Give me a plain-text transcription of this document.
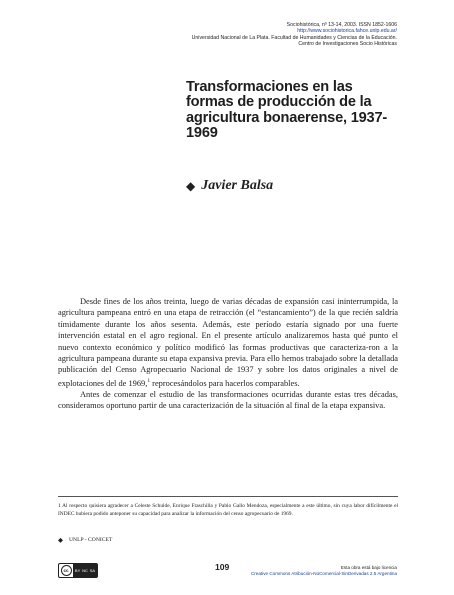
Sociohistórica, nº 13-14, 2003. ISSN 1852-1606
http://www.sociohistorica.fahce.unlp.edu.ar/
Universidad Nacional de La Plata. Facultad de Humanidades y Ciencias de la Educación.
Centro de Investigaciones Socio Históricas
Transformaciones en las formas de producción de la agricultura bonaerense, 1937-1969
◆ Javier Balsa

Desde fines de los años treinta, luego de varias décadas de expansión casi ininterrumpida, la agricultura pampeana entró en una etapa de retracción (el “estancamiento”) de la que recién saldría tímidamente durante los años sesenta. Además, este período estaría signado por una fuerte intervención estatal en el agro regional. En el presente artículo analizaremos hasta qué punto el nuevo contexto económico y político modificó las formas productivas que caracteriza-ron a la agricultura pampeana durante su etapa expansiva previa. Para ello hemos trabajado sobre la detallada publicación del Censo Agropecuario Nacional de 1937 y sobre los datos originales a nivel de explotaciones del de 1969,$^1$ reprocesándolos para hacerlos comparables.

Antes de comenzar el estudio de las transformaciones ocurridas durante estas tres décadas, consideramos oportuno partir de una caracterización de la situación al final de la etapa expansiva.

1 Al respecto quisiera agradecer a Celeste Schulde, Enrique Fraschilla y Pablo Gallo Mendoza, especialmente a este último, sin cuya labor difícilmente el INDEC hubiera podido anteponer su capacidad para analizar la información del censo agropecuario de 1969.
◆ UNLP - CONICET
cc	BY NC SA	109	Esta obra está bajo licencia
Creative Commons Atribución-NoComercial-SinDerivadas 2.5 Argentina
